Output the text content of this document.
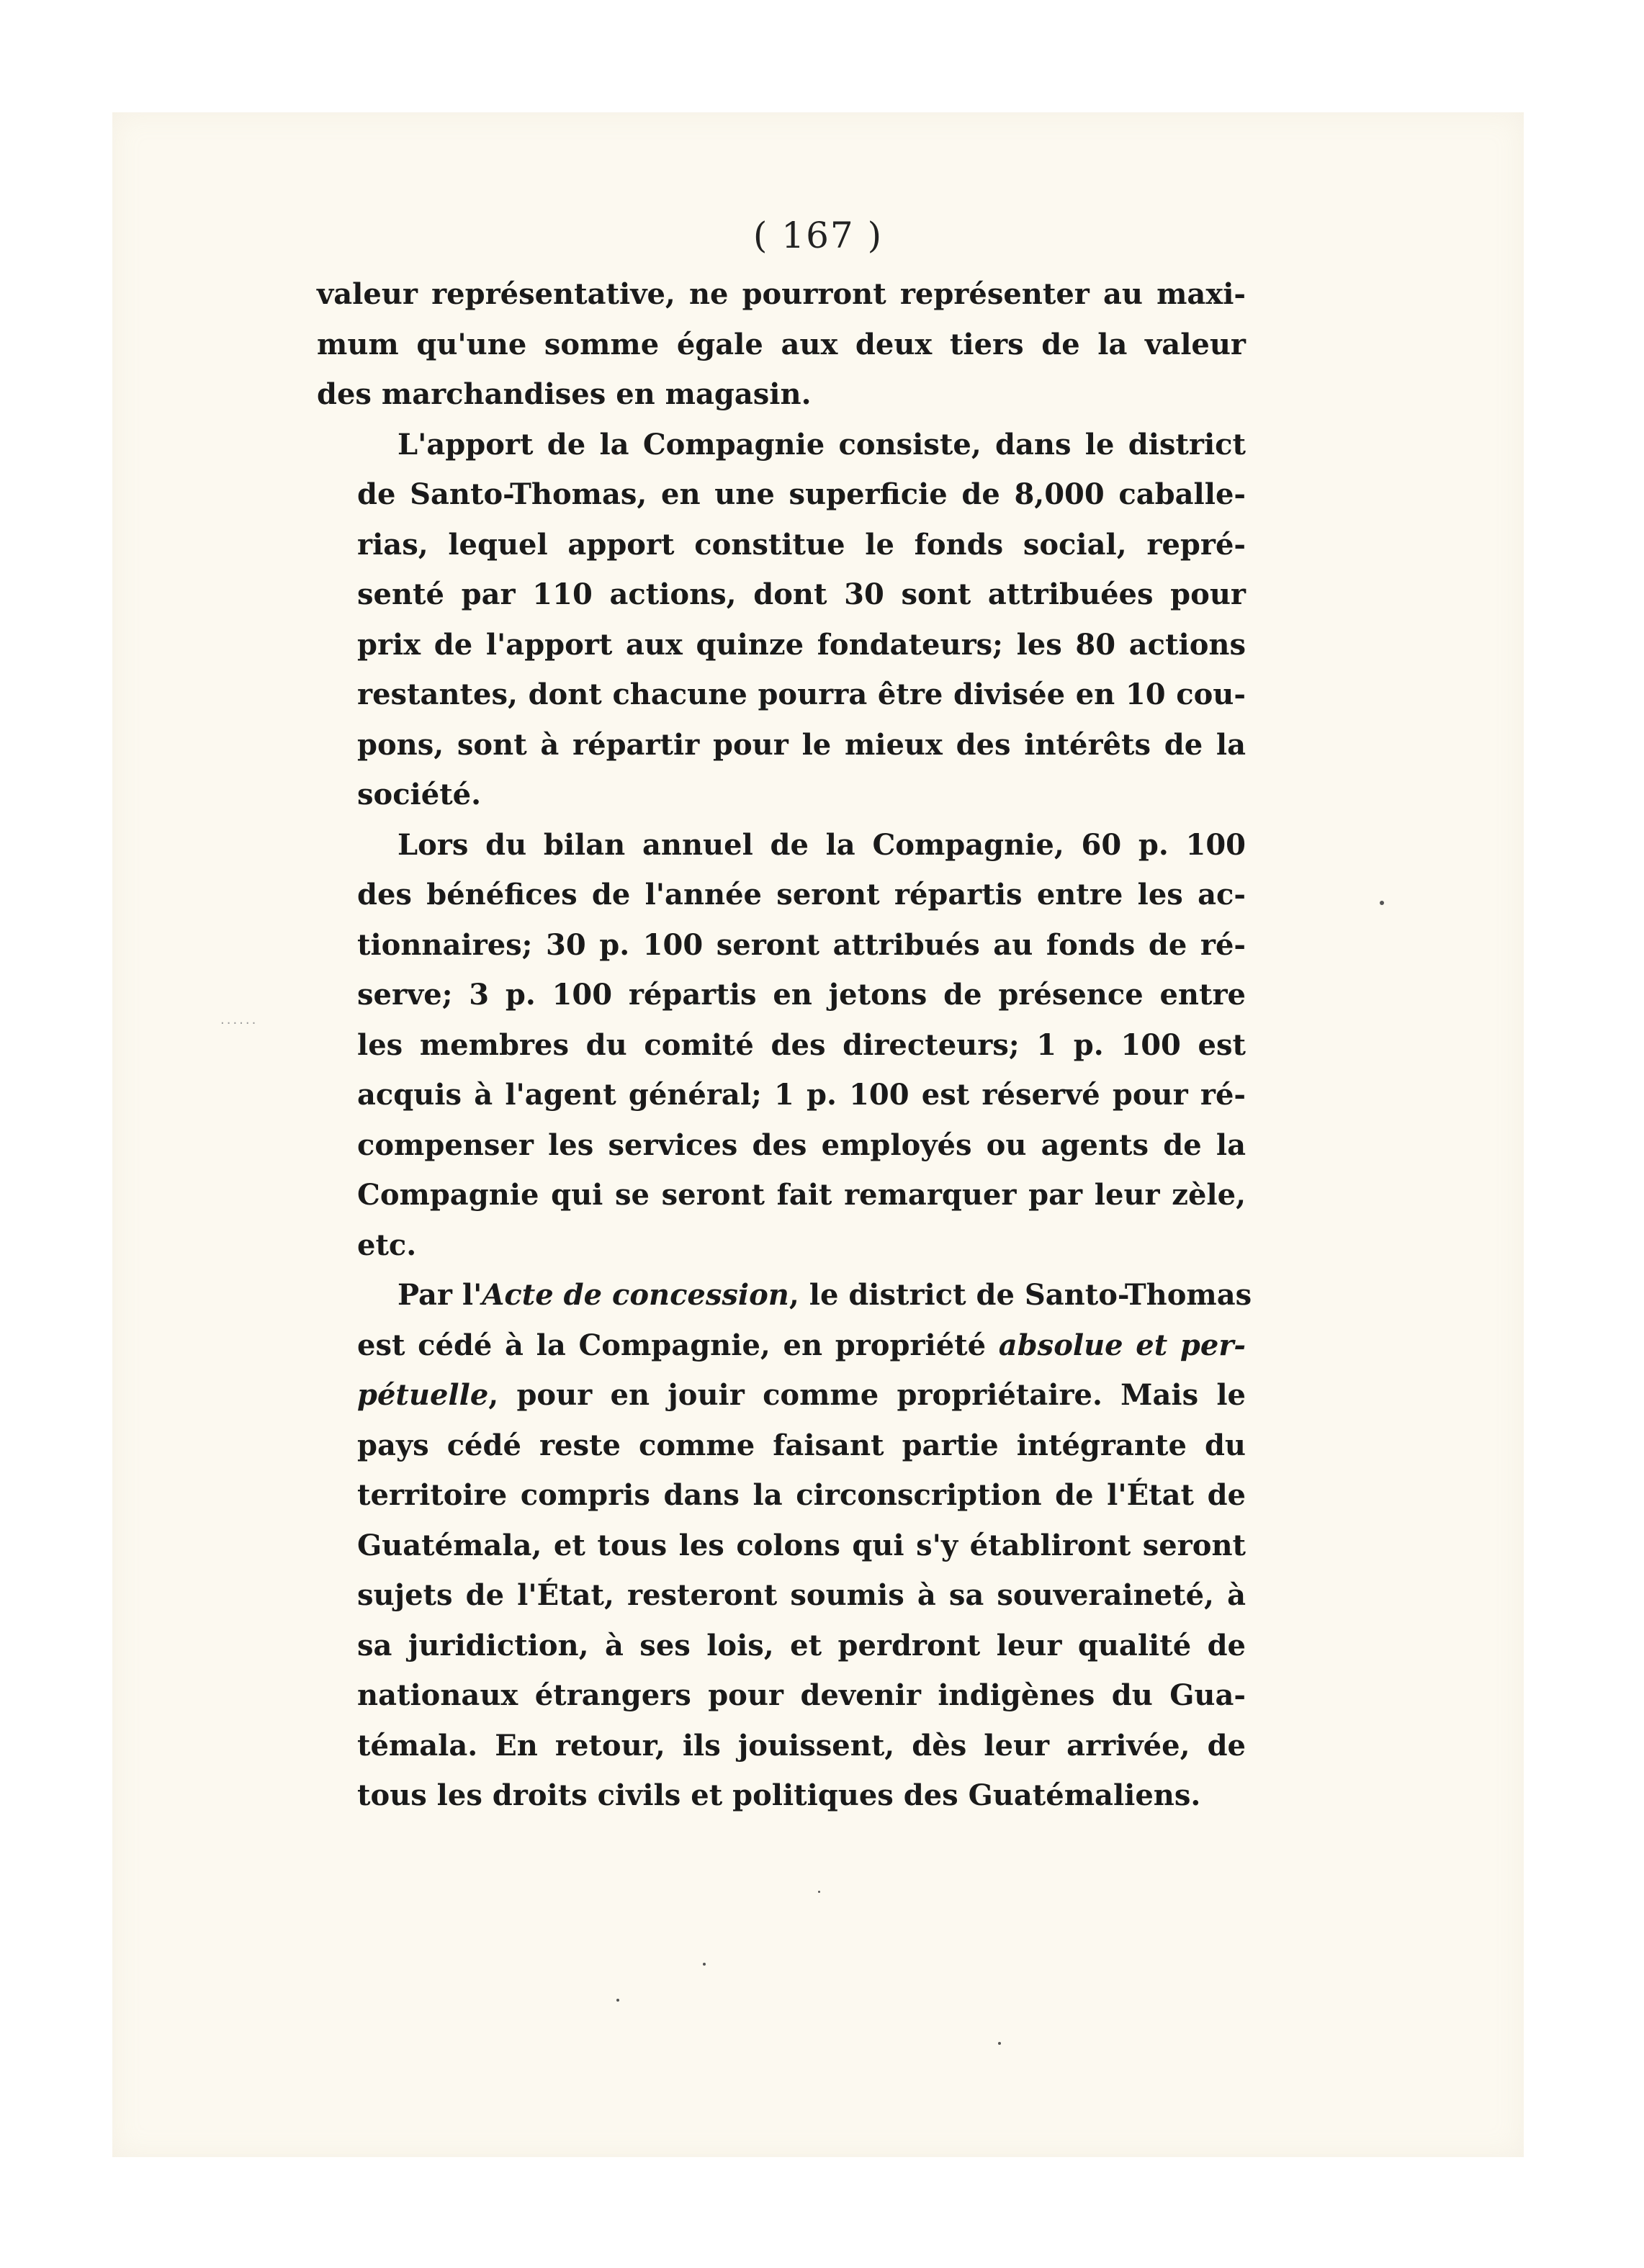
( 167 )

valeur représentative, ne pourront représenter au maxi-
mum qu'une somme égale aux deux tiers de la valeur
des marchandises en magasin.

L'apport de la Compagnie consiste, dans le district
de Santo-Thomas, en une superficie de 8,000 caballe-
rias, lequel apport constitue le fonds social, repré-
senté par 110 actions, dont 30 sont attribuées pour
prix de l'apport aux quinze fondateurs; les 80 actions
restantes, dont chacune pourra être divisée en 10 cou-
pons, sont à répartir pour le mieux des intérêts de la
société.

Lors du bilan annuel de la Compagnie, 60 p. 100
des bénéfices de l'année seront répartis entre les ac-
tionnaires; 30 p. 100 seront attribués au fonds de ré-
serve; 3 p. 100 répartis en jetons de présence entre
les membres du comité des directeurs; 1 p. 100 est
acquis à l'agent général; 1 p. 100 est réservé pour ré-
compenser les services des employés ou agents de la
Compagnie qui se seront fait remarquer par leur zèle,
etc.

Par l'Acte de concession, le district de Santo-Thomas
est cédé à la Compagnie, en propriété absolue et per-
pétuelle, pour en jouir comme propriétaire. Mais le
pays cédé reste comme faisant partie intégrante du
territoire compris dans la circonscription de l'État de
Guatémala, et tous les colons qui s'y établiront seront
sujets de l'État, resteront soumis à sa souveraineté, à
sa juridiction, à ses lois, et perdront leur qualité de
nationaux étrangers pour devenir indigènes du Gua-
témala. En retour, ils jouissent, dès leur arrivée, de
tous les droits civils et politiques des Guatémaliens.

......
